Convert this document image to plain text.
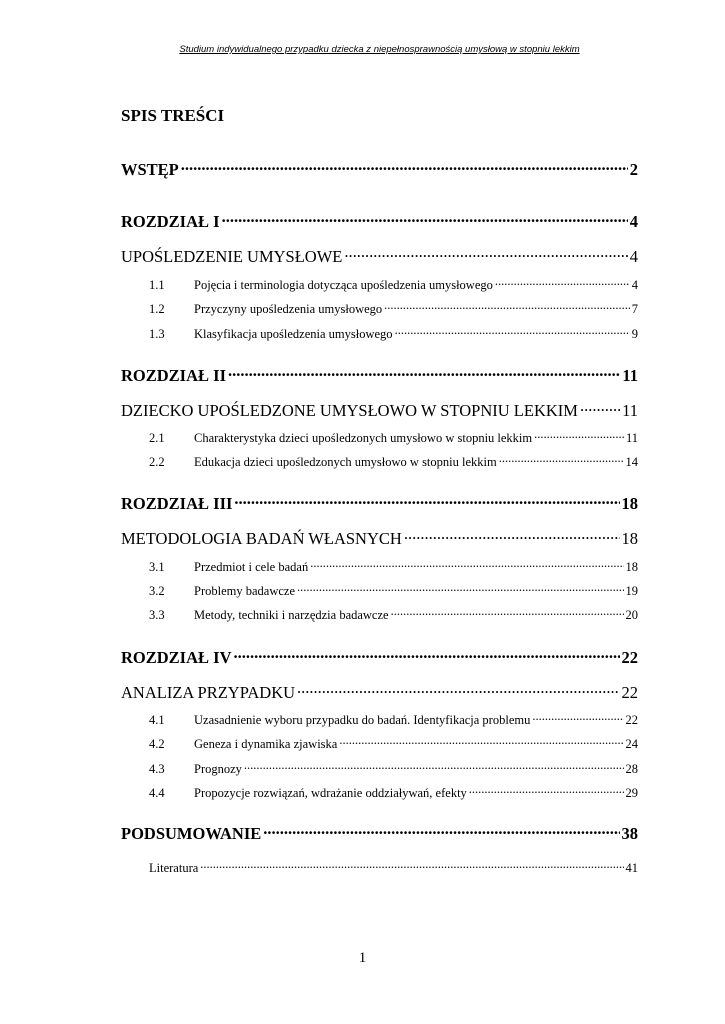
Studium indywidualnego przypadku dziecka z niepełnosprawnością umysłową w stopniu lekkim
SPIS TREŚCI
WSTĘP .....	2
ROZDZIAŁ I .....	4
UPOŚLEDZENIE UMYSŁOWE .....	4
1.1	Pojęcia i terminologia dotycząca upośledzenia umysłowego .....	4
1.2	Przyczyny upośledzenia umysłowego .....	7
1.3	Klasyfikacja upośledzenia umysłowego .....	9
ROZDZIAŁ II .....	11
DZIECKO UPOŚLEDZONE UMYSŁOWO W STOPNIU LEKKIM .....	11
2.1	Charakterystyka dzieci upośledzonych umysłowo w stopniu lekkim .....	11
2.2	Edukacja dzieci upośledzonych umysłowo w stopniu lekkim .....	14
ROZDZIAŁ III .....	18
METODOLOGIA BADAŃ WŁASNYCH .....	18
3.1	Przedmiot i cele badań .....	18
3.2	Problemy badawcze .....	19
3.3	Metody, techniki i narzędzia badawcze .....	20
ROZDZIAŁ IV .....	22
ANALIZA PRZYPADKU .....	22
4.1	Uzasadnienie wyboru przypadku do badań. Identyfikacja problemu .....	22
4.2	Geneza i dynamika zjawiska .....	24
4.3	Prognozy .....	28
4.4	Propozycje rozwiązań, wdrażanie oddziaływań, efekty .....	29
PODSUMOWANIE .....	38
Literatura .....	41
1
